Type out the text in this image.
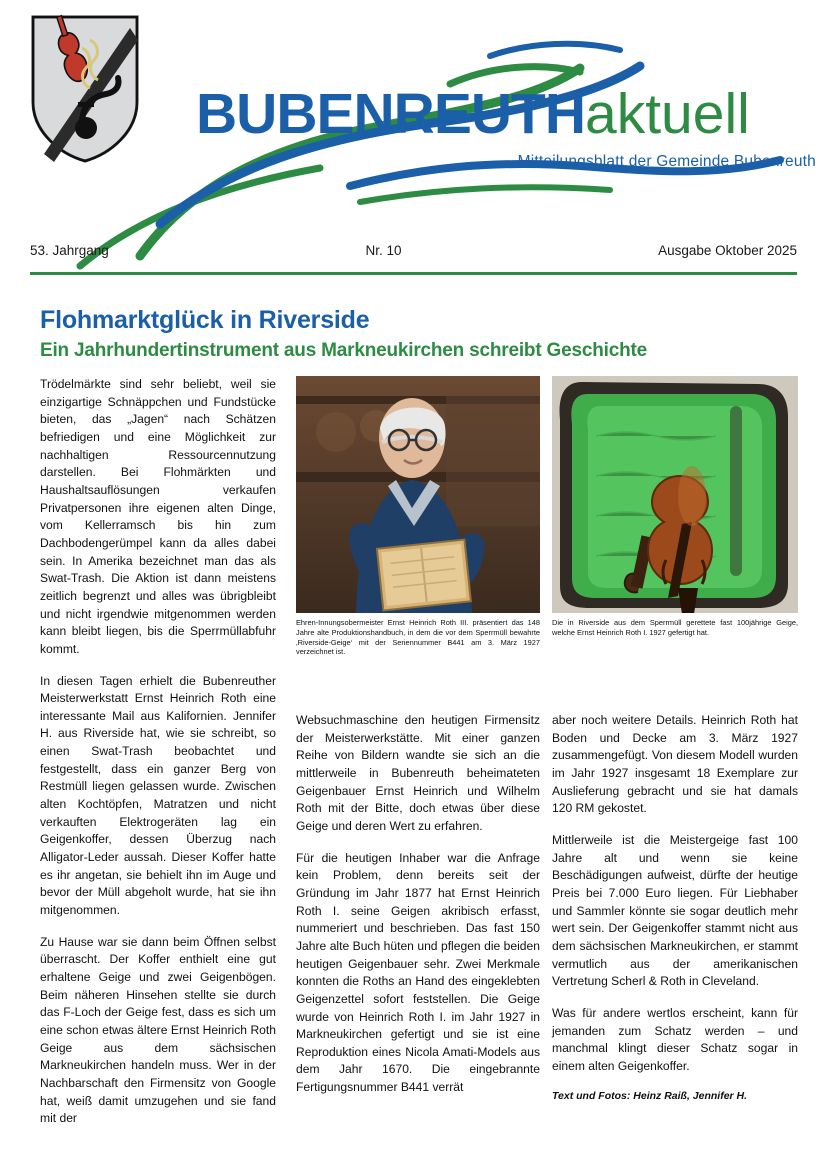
BUBENREUTHaktuell
Mitteilungsblatt der Gemeinde Bubenreuth
53. Jahrgang	Nr. 10	Ausgabe Oktober 2025
Flohmarktglück in Riverside
Ein Jahrhundertinstrument aus Markneukirchen schreibt Geschichte
Ehren-Innungsobermeister Ernst Heinrich Roth III. präsentiert das 148 Jahre alte Produktionshandbuch, in dem die vor dem Sperrmüll bewahrte ‚Riverside-Geige‘ mit der Seriennummer B441 am 3. März 1927 verzeichnet ist.
Die in Riverside aus dem Sperrmüll gerettete fast 100jährige Geige, welche Ernst Heinrich Roth I. 1927 gefertigt hat.

Trödelmärkte sind sehr beliebt, weil sie einzigartige Schnäppchen und Fundstücke bieten, das „Jagen“ nach Schätzen befriedigen und eine Möglichkeit zur nachhaltigen Ressourcennutzung darstellen. Bei Flohmärkten und Haushaltsauflösungen verkaufen Privatpersonen ihre eigenen alten Dinge, vom Kellerramsch bis hin zum Dachbodengerümpel kann da alles dabei sein. In Amerika bezeichnet man das als Swat-Trash. Die Aktion ist dann meistens zeitlich begrenzt und alles was übrigbleibt und nicht irgendwie mitgenommen werden kann bleibt liegen, bis die Sperrmüllabfuhr kommt.

In diesen Tagen erhielt die Bubenreuther Meisterwerkstatt Ernst Heinrich Roth eine interessante Mail aus Kalifornien. Jennifer H. aus Riverside hat, wie sie schreibt, so einen Swat-Trash beobachtet und festgestellt, dass ein ganzer Berg von Restmüll liegen gelassen wurde. Zwischen alten Kochtöpfen, Matratzen und nicht verkauften Elektrogeräten lag ein Geigenkoffer, dessen Überzug nach Alligator-Leder aussah. Dieser Koffer hatte es ihr angetan, sie behielt ihn im Auge und bevor der Müll abgeholt wurde, hat sie ihn mitgenommen.

Zu Hause war sie dann beim Öffnen selbst überrascht. Der Koffer enthielt eine gut erhaltene Geige und zwei Geigenbögen. Beim näheren Hinsehen stellte sie durch das F-Loch der Geige fest, dass es sich um eine schon etwas ältere Ernst Heinrich Roth Geige aus dem sächsischen Markneukirchen handeln muss. Wer in der Nachbarschaft den Firmensitz von Google hat, weiß damit umzugehen und sie fand mit der

Websuchmaschine den heutigen Firmensitz der Meisterwerkstätte. Mit einer ganzen Reihe von Bildern wandte sie sich an die mittlerweile in Bubenreuth beheimateten Geigenbauer Ernst Heinrich und Wilhelm Roth mit der Bitte, doch etwas über diese Geige und deren Wert zu erfahren.

Für die heutigen Inhaber war die Anfrage kein Problem, denn bereits seit der Gründung im Jahr 1877 hat Ernst Heinrich Roth I. seine Geigen akribisch erfasst, nummeriert und beschrieben. Das fast 150 Jahre alte Buch hüten und pflegen die beiden heutigen Geigenbauer sehr. Zwei Merkmale konnten die Roths an Hand des eingeklebten Geigenzettel sofort feststellen. Die Geige wurde von Heinrich Roth I. im Jahr 1927 in Markneukirchen gefertigt und sie ist eine Reproduktion eines Nicola Amati-Models aus dem Jahr 1670. Die eingebrannte Fertigungsnummer B441 verrät

aber noch weitere Details. Heinrich Roth hat Boden und Decke am 3. März 1927 zusammengefügt. Von diesem Modell wurden im Jahr 1927 insgesamt 18 Exemplare zur Auslieferung gebracht und sie hat damals 120 RM gekostet.

Mittlerweile ist die Meistergeige fast 100 Jahre alt und wenn sie keine Beschädigungen aufweist, dürfte der heutige Preis bei 7.000 Euro liegen. Für Liebhaber und Sammler könnte sie sogar deutlich mehr wert sein. Der Geigenkoffer stammt nicht aus dem sächsischen Markneukirchen, er stammt vermutlich aus der amerikanischen Vertretung Scherl & Roth in Cleveland.

Was für andere wertlos erscheint, kann für jemanden zum Schatz werden – und manchmal klingt dieser Schatz sogar in einem alten Geigenkoffer.

Text und Fotos: Heinz Raiß, Jennifer H.
